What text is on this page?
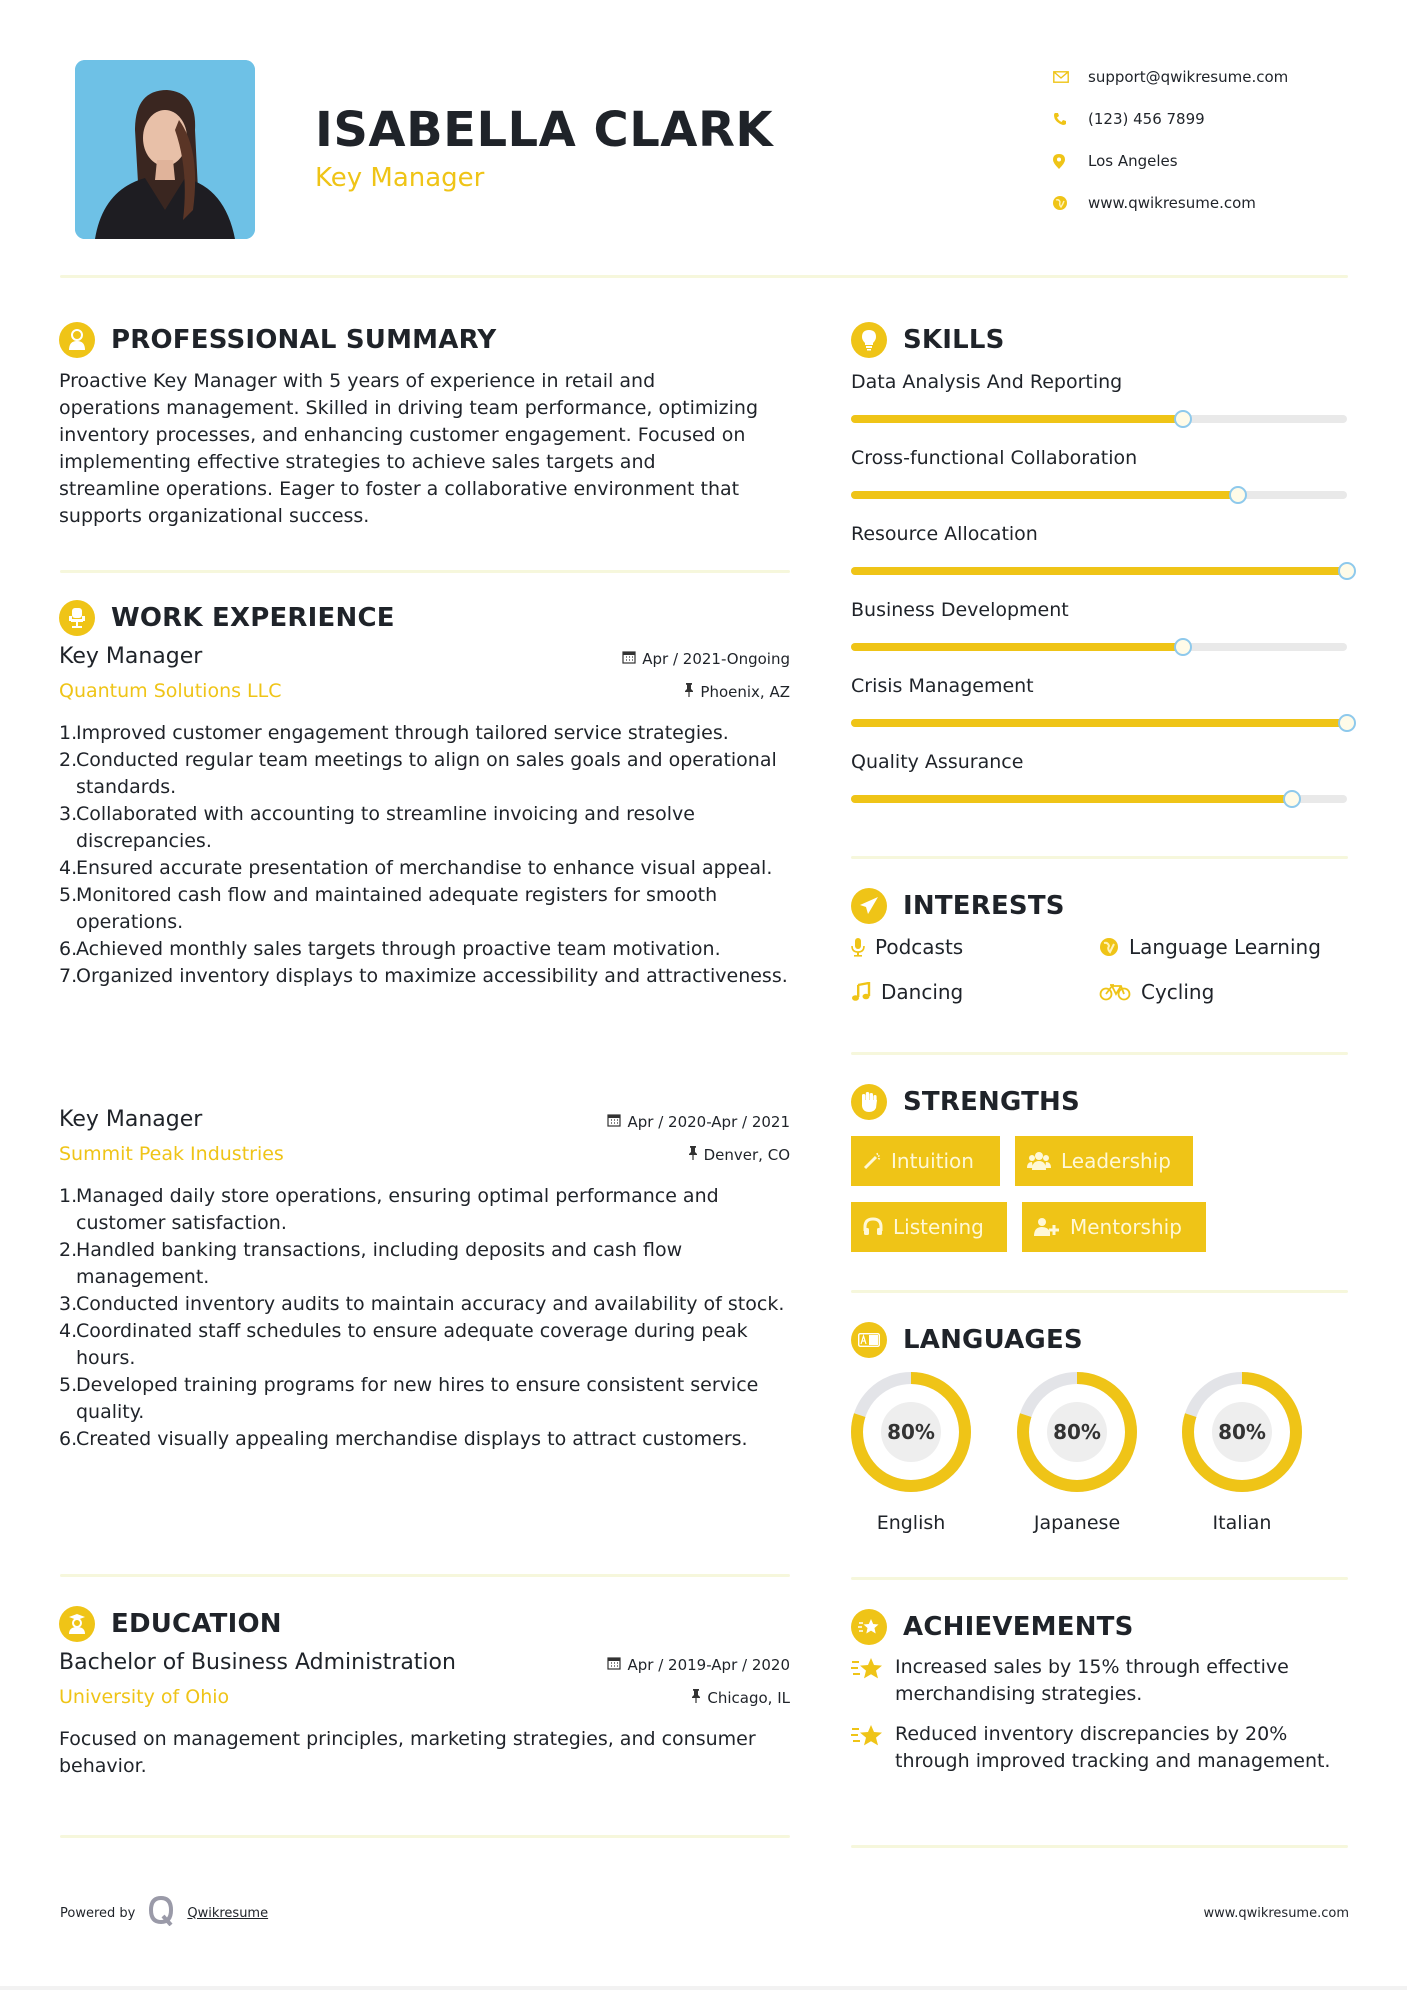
ISABELLA CLARK
Key Manager
support@qwikresume.com
(123) 456 7899
Los Angeles
www.qwikresume.com
PROFESSIONAL SUMMARY
Proactive Key Manager with 5 years of experience in retail and operations management. Skilled in driving team performance, optimizing inventory processes, and enhancing customer engagement. Focused on implementing effective strategies to achieve sales targets and streamline operations. Eager to foster a collaborative environment that supports organizational success.
WORK EXPERIENCE
Key Manager	Apr / 2021-Ongoing
Quantum Solutions LLC	Phoenix, AZ
1.
Improved customer engagement through tailored service strategies.
2.
Conducted regular team meetings to align on sales goals and operational standards.
3.
Collaborated with accounting to streamline invoicing and resolve discrepancies.
4.
Ensured accurate presentation of merchandise to enhance visual appeal.
5.
Monitored cash flow and maintained adequate registers for smooth operations.
6.
Achieved monthly sales targets through proactive team motivation.
7.
Organized inventory displays to maximize accessibility and attractiveness.
Key Manager	Apr / 2020-Apr / 2021
Summit Peak Industries	Denver, CO
1.
Managed daily store operations, ensuring optimal performance and customer satisfaction.
2.
Handled banking transactions, including deposits and cash flow management.
3.
Conducted inventory audits to maintain accuracy and availability of stock.
4.
Coordinated staff schedules to ensure adequate coverage during peak hours.
5.
Developed training programs for new hires to ensure consistent service quality.
6.
Created visually appealing merchandise displays to attract customers.
EDUCATION
Bachelor of Business Administration	Apr / 2019-Apr / 2020
University of Ohio	Chicago, IL
Focused on management principles, marketing strategies, and consumer behavior.
SKILLS
Data Analysis And Reporting
Cross-functional Collaboration
Resource Allocation
Business Development
Crisis Management
Quality Assurance
INTERESTS
Podcasts	Language Learning
Dancing	Cycling
STRENGTHS
Intuition	Leadership
Listening	Mentorship
LANGUAGES
80%
English
80%
Japanese
80%
Italian
ACHIEVEMENTS
Increased sales by 15% through effective merchandising strategies.
Reduced inventory discrepancies by 20% through improved tracking and management.
Powered by	Qwikresume	www.qwikresume.com
